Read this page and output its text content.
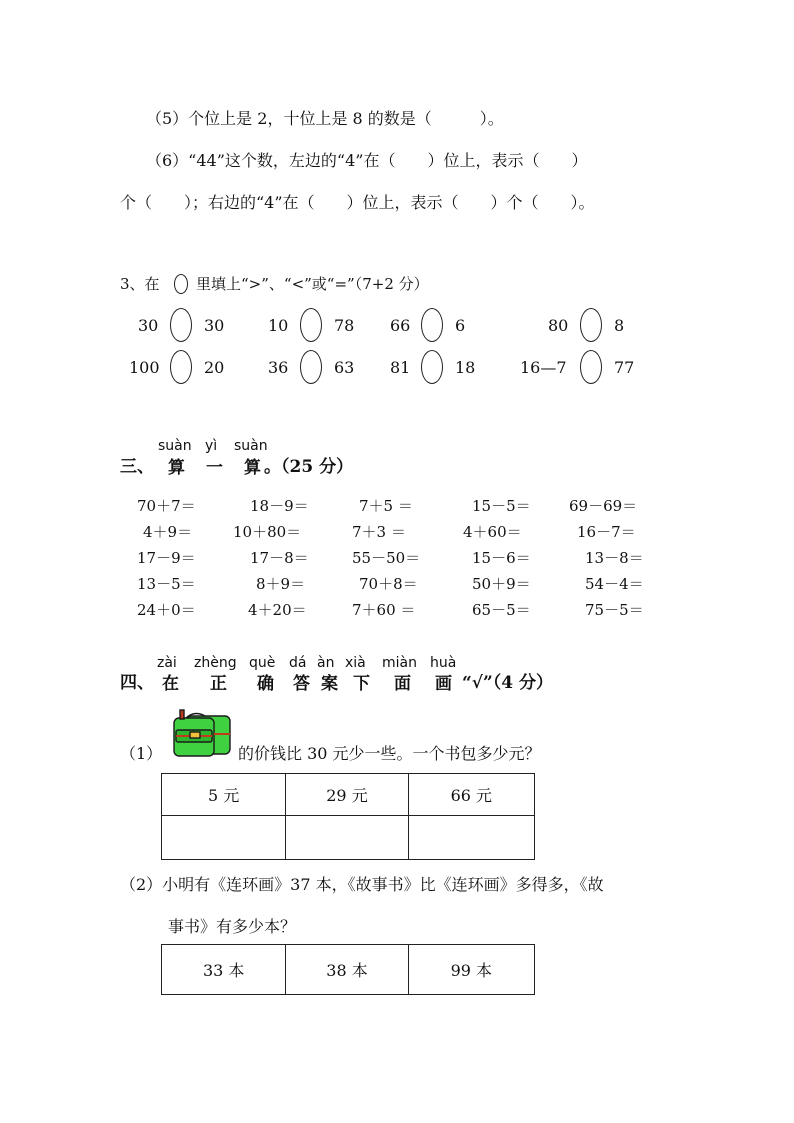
（5）个位上是 2，十位上是 8 的数是（　　　）。
（6）“44”这个数，左边的“4”在（　　）位上，表示（　　）
个（　　）；右边的“4”在（　　）位上，表示（　　）个（　　）。
3、在 里填上“>”、“<”或“=”（7+2 分）
30	30	10	78 66	6	80	8
100	20	36	63 81	18	16—7	77
三、
suàn yì suàn
算 一 算 。（25 分）
70＋7＝	18－9＝	7＋5 ＝	15－5＝	69－69＝
4＋9＝	10＋80＝	7＋3 ＝	4＋60＝	16－7＝
17－9＝	17－8＝	55－50＝	15－6＝	13－8＝
13－5＝	8＋9＝	70＋8＝	50＋9＝	54－4＝
24＋0＝	4＋20＝	7＋60 ＝	65－5＝	75－5＝
四、
zài zhèng què dá àn xià miàn huà
在 正 确 答 案 下 面 画 “√”（4 分）
（1）	的价钱比 30 元少一些。一个书包多少元？
5 元	29 元	66 元

（2）小明有《连环画》37 本，《故事书》比《连环画》多得多，《故
事书》有多少本？
33 本	38 本	99 本
